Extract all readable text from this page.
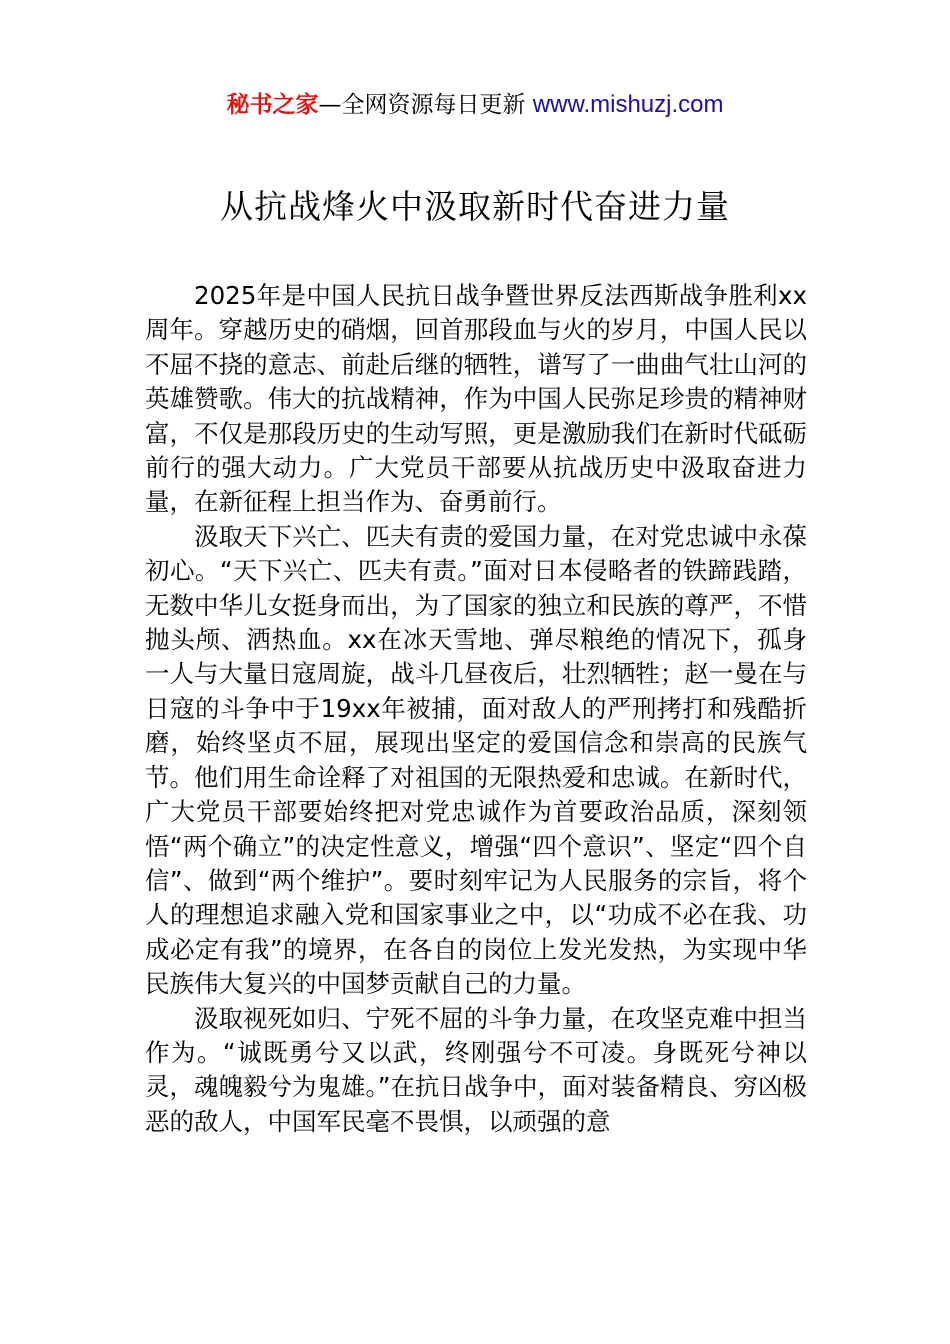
秘书之家—全网资源每日更新 www.mishuzj.com
从抗战烽火中汲取新时代奋进力量

2025年是中国人民抗日战争暨世界反法西斯战争胜利xx周年。穿越历史的硝烟，回首那段血与火的岁月，中国人民以不屈不挠的意志、前赴后继的牺牲，谱写了一曲曲气壮山河的英雄赞歌。伟大的抗战精神，作为中国人民弥足珍贵的精神财富，不仅是那段历史的生动写照，更是激励我们在新时代砥砺前行的强大动力。广大党员干部要从抗战历史中汲取奋进力量，在新征程上担当作为、奋勇前行。

汲取天下兴亡、匹夫有责的爱国力量，在对党忠诚中永葆初心。“天下兴亡、匹夫有责。”面对日本侵略者的铁蹄践踏，无数中华儿女挺身而出，为了国家的独立和民族的尊严，不惜抛头颅、洒热血。xx在冰天雪地、弹尽粮绝的情况下，孤身一人与大量日寇周旋，战斗几昼夜后，壮烈牺牲；赵一曼在与日寇的斗争中于19xx年被捕，面对敌人的严刑拷打和残酷折磨，始终坚贞不屈，展现出坚定的爱国信念和崇高的民族气节。他们用生命诠释了对祖国的无限热爱和忠诚。在新时代，广大党员干部要始终把对党忠诚作为首要政治品质，深刻领悟“两个确立”的决定性意义，增强“四个意识”、坚定“四个自信”、做到“两个维护”。要时刻牢记为人民服务的宗旨，将个人的理想追求融入党和国家事业之中，以“功成不必在我、功成必定有我”的境界，在各自的岗位上发光发热，为实现中华民族伟大复兴的中国梦贡献自己的力量。

汲取视死如归、宁死不屈的斗争力量，在攻坚克难中担当作为。“诚既勇兮又以武，终刚强兮不可凌。身既死兮神以灵，魂魄毅兮为鬼雄。”在抗日战争中，面对装备精良、穷凶极恶的敌人，中国军民毫不畏惧，以顽强的意
